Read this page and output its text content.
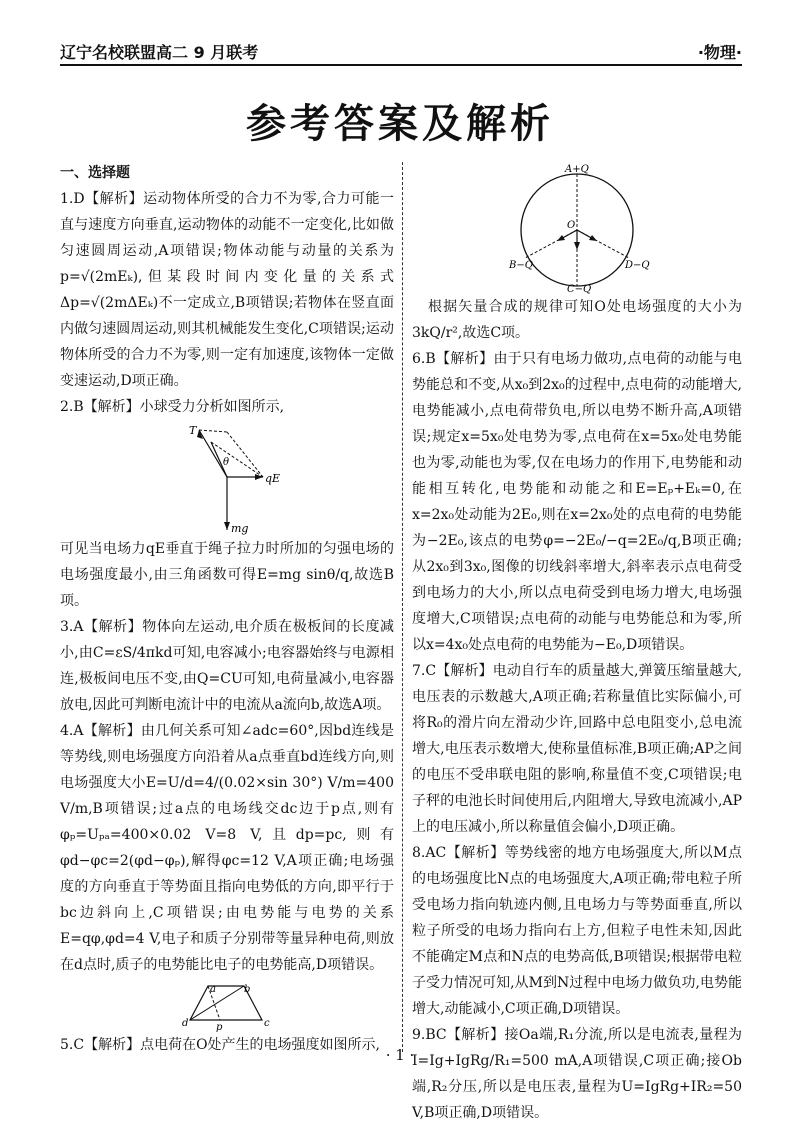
辽宁名校联盟高二 9 月联考	·物理·
参考答案及解析
一、选择题

1.D【解析】运动物体所受的合力不为零,合力可能一直与速度方向垂直,运动物体的动能不一定变化,比如做匀速圆周运动,A项错误;物体动能与动量的关系为p=√(2mEₖ),但某段时间内变化量的关系式Δp=√(2mΔEₖ)不一定成立,B项错误;若物体在竖直面内做匀速圆周运动,则其机械能发生变化,C项错误;运动物体所受的合力不为零,则一定有加速度,该物体一定做变速运动,D项正确。

2.B【解析】小球受力分析如图所示,

T
θ
qE
mg

可见当电场力qE垂直于绳子拉力时所加的匀强电场的电场强度最小,由三角函数可得E=mg sinθ/q,故选B项。

3.A【解析】物体向左运动,电介质在极板间的长度减小,由C=εS/4πkd可知,电容减小;电容器始终与电源相连,极板间电压不变,由Q=CU可知,电荷量减小,电容器放电,因此可判断电流计中的电流从a流向b,故选A项。

4.A【解析】由几何关系可知∠adc=60°,因bd连线是等势线,则电场强度方向沿着从a点垂直bd连线方向,则电场强度大小E=U/d=4/(0.02×sin 30°) V/m=400 V/m,B项错误;过a点的电场线交dc边于p点,则有φₚ=Uₚₐ=400×0.02 V=8 V,且dp=pc,则有φd−φc=2(φd−φₚ),解得φc=12 V,A项正确;电场强度的方向垂直于等势面且指向电势低的方向,即平行于bc边斜向上,C项错误;由电势能与电势的关系E=qφ,φd=4 V,电子和质子分别带等量异种电荷,则放在d点时,质子的电势能比电子的电势能高,D项错误。

a	b
c
d	p

5.C【解析】点电荷在O处产生的电场强度如图所示,

A+Q
B−Q	D−Q
C−Q
O

根据矢量合成的规律可知O处电场强度的大小为3kQ/r²,故选C项。

6.B【解析】由于只有电场力做功,点电荷的动能与电势能总和不变,从x₀到2x₀的过程中,点电荷的动能增大,电势能减小,点电荷带负电,所以电势不断升高,A项错误;规定x=5x₀处电势为零,点电荷在x=5x₀处电势能也为零,动能也为零,仅在电场力的作用下,电势能和动能相互转化,电势能和动能之和E=Eₚ+Eₖ=0,在x=2x₀处动能为2E₀,则在x=2x₀处的点电荷的电势能为−2E₀,该点的电势φ=−2E₀/−q=2E₀/q,B项正确;从2x₀到3x₀,图像的切线斜率增大,斜率表示点电荷受到电场力的大小,所以点电荷受到电场力增大,电场强度增大,C项错误;点电荷的动能与电势能总和为零,所以x=4x₀处点电荷的电势能为−E₀,D项错误。

7.C【解析】电动自行车的质量越大,弹簧压缩量越大,电压表的示数越大,A项正确;若称量值比实际偏小,可将R₀的滑片向左滑动少许,回路中总电阻变小,总电流增大,电压表示数增大,使称量值标准,B项正确;AP之间的电压不受串联电阻的影响,称量值不变,C项错误;电子秤的电池长时间使用后,内阻增大,导致电流减小,AP上的电压减小,所以称量值会偏小,D项正确。

8.AC【解析】等势线密的地方电场强度大,所以M点的电场强度比N点的电场强度大,A项正确;带电粒子所受电场力指向轨迹内侧,且电场力与等势面垂直,所以粒子所受的电场力指向右上方,但粒子电性未知,因此不能确定M点和N点的电势高低,B项错误;根据带电粒子受力情况可知,从M到N过程中电场力做负功,电势能增大,动能减小,C项正确,D项错误。

9.BC【解析】接Oa端,R₁分流,所以是电流表,量程为I=Ig+IgRg/R₁=500 mA,A项错误,C项正确;接Ob端,R₂分压,所以是电压表,量程为U=IgRg+IR₂=50 V,B项正确,D项错误。

· 1 ·
